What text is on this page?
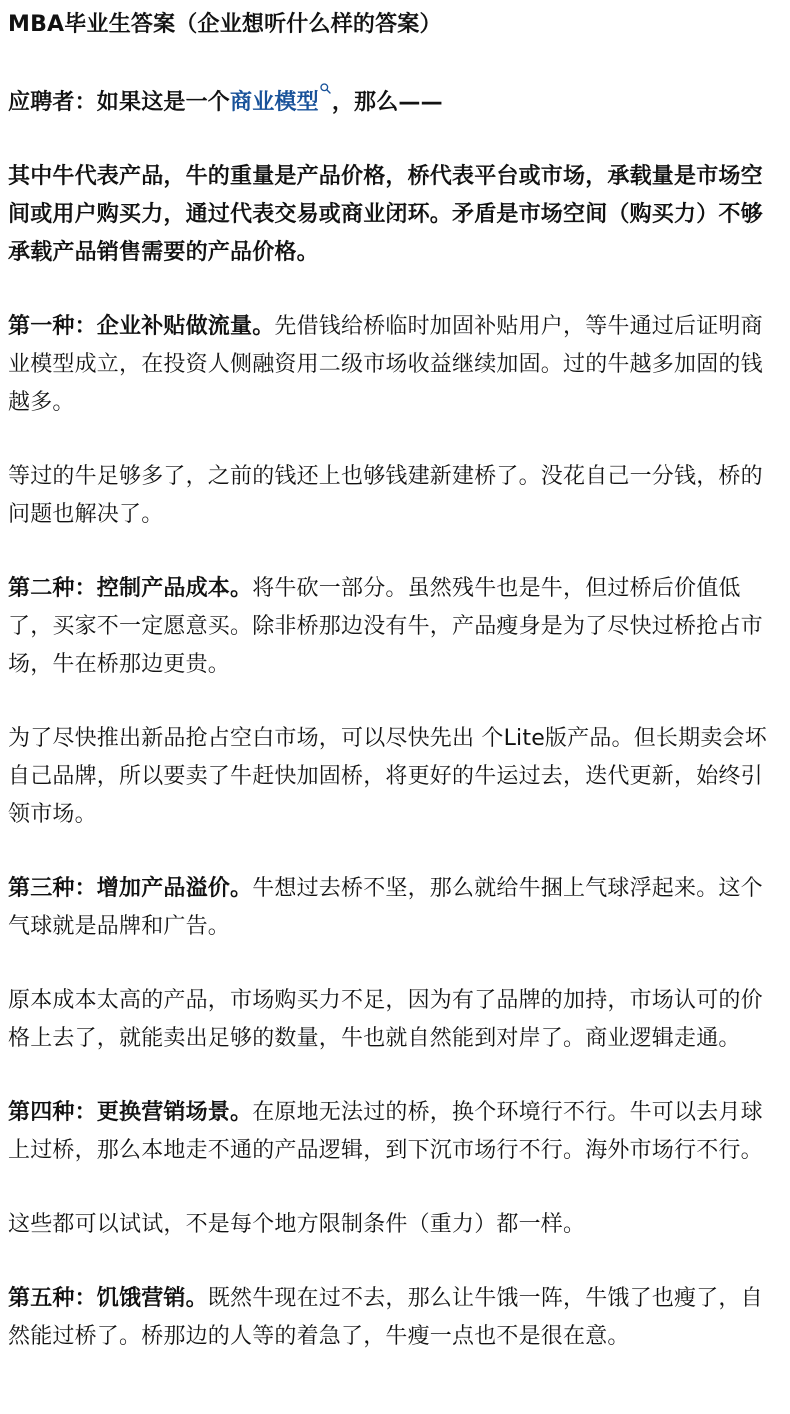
MBA毕业生答案（企业想听什么样的答案）

应聘者：如果这是一个商业模型 ，那么——

其中牛代表产品，牛的重量是产品价格，桥代表平台或市场，承载量是市场空间或用户购买力，通过代表交易或商业闭环。矛盾是市场空间（购买力）不够承载产品销售需要的产品价格。

第一种：企业补贴做流量。先借钱给桥临时加固补贴用户，等牛通过后证明商业模型成立，在投资人侧融资用二级市场收益继续加固。过的牛越多加固的钱越多。

等过的牛足够多了，之前的钱还上也够钱建新建桥了。没花自己一分钱，桥的问题也解决了。

第二种：控制产品成本。将牛砍一部分。虽然残牛也是牛，但过桥后价值低了，买家不一定愿意买。除非桥那边没有牛，产品瘦身是为了尽快过桥抢占市场，牛在桥那边更贵。

为了尽快推出新品抢占空白市场，可以尽快先出 个Lite版产品。但长期卖会坏自己品牌，所以要卖了牛赶快加固桥，将更好的牛运过去，迭代更新，始终引领市场。

第三种：增加产品溢价。牛想过去桥不坚，那么就给牛捆上气球浮起来。这个气球就是品牌和广告。

原本成本太高的产品，市场购买力不足，因为有了品牌的加持，市场认可的价格上去了，就能卖出足够的数量，牛也就自然能到对岸了。商业逻辑走通。

第四种：更换营销场景。在原地无法过的桥，换个环境行不行。牛可以去月球上过桥，那么本地走不通的产品逻辑，到下沉市场行不行。海外市场行不行。

这些都可以试试，不是每个地方限制条件（重力）都一样。

第五种：饥饿营销。既然牛现在过不去，那么让牛饿一阵，牛饿了也瘦了，自然能过桥了。桥那边的人等的着急了，牛瘦一点也不是很在意。
